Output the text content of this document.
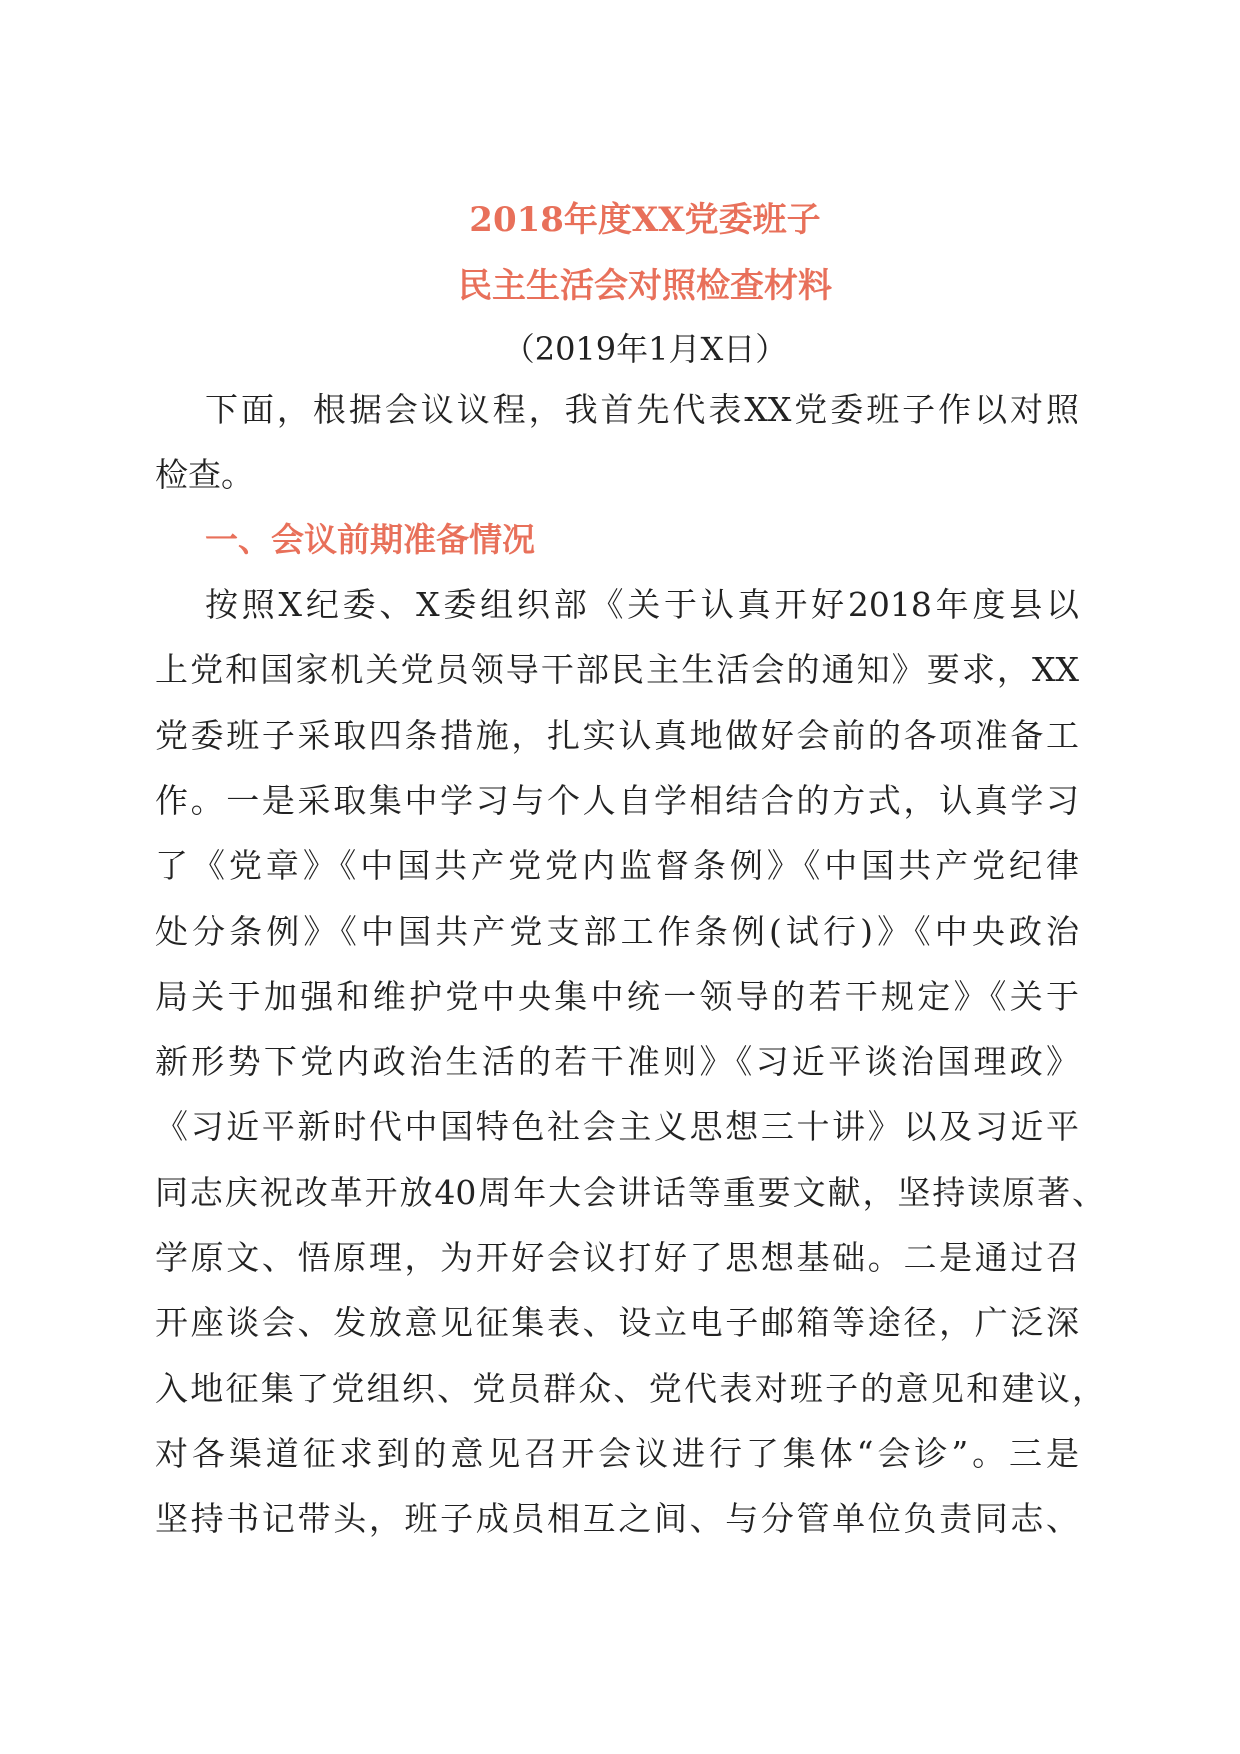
2018年度XX党委班子
民主生活会对照检查材料
（2019年1月X日）
下面，根据会议议程，我首先代表XX党委班子作以对照
检查。
一、会议前期准备情况
按照X纪委、X委组织部《关于认真开好2018年度县以
上党和国家机关党员领导干部民主生活会的通知》要求，XX
党委班子采取四条措施，扎实认真地做好会前的各项准备工
作。一是采取集中学习与个人自学相结合的方式，认真学习
了《党章》《中国共产党党内监督条例》《中国共产党纪律
处分条例》《中国共产党支部工作条例(试行)》《中央政治
局关于加强和维护党中央集中统一领导的若干规定》《关于
新形势下党内政治生活的若干准则》《习近平谈治国理政》
《习近平新时代中国特色社会主义思想三十讲》以及习近平
同志庆祝改革开放40周年大会讲话等重要文献，坚持读原著、
学原文、悟原理，为开好会议打好了思想基础。二是通过召
开座谈会、发放意见征集表、设立电子邮箱等途径，广泛深
入地征集了党组织、党员群众、党代表对班子的意见和建议，
对各渠道征求到的意见召开会议进行了集体“会诊”。三是
坚持书记带头，班子成员相互之间、与分管单位负责同志、
